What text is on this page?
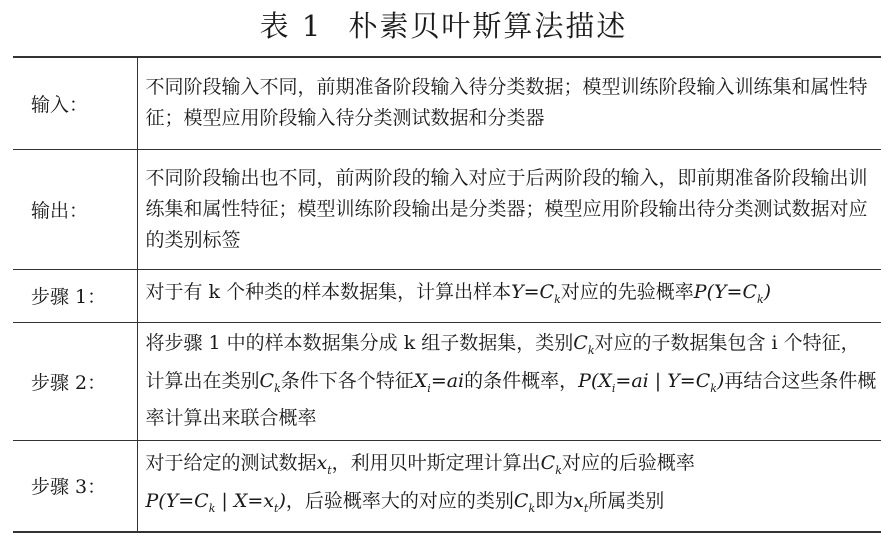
表 1 朴素贝叶斯算法描述
输入：	不同阶段输入不同，前期准备阶段输入待分类数据；模型训练阶段输入训练集和属性特征；模型应用阶段输入待分类测试数据和分类器
输出：	不同阶段输出也不同，前两阶段的输入对应于后两阶段的输入，即前期准备阶段输出训练集和属性特征；模型训练阶段输出是分类器；模型应用阶段输出待分类测试数据对应的类别标签
步骤 1：	对于有 k 个种类的样本数据集，计算出样本$Y=C_k$对应的先验概率$P(Y=C_k)$
步骤 2：	将步骤 1 中的样本数据集分成 k 组子数据集，类别$C_k$对应的子数据集包含 i 个特征，计算出在类别$C_k$条件下各个特征$X_i=ai$的条件概率，$P(X_i=ai$ | $Y=C_k$)再结合这些条件概率计算出来联合概率
步骤 3：	对于给定的测试数据$x_t$，利用贝叶斯定理计算出$C_k$对应的后验概率
$P(Y=C_k$ | $X=x_t$)，后验概率大的对应的类别$C_k$即为$x_t$所属类别
